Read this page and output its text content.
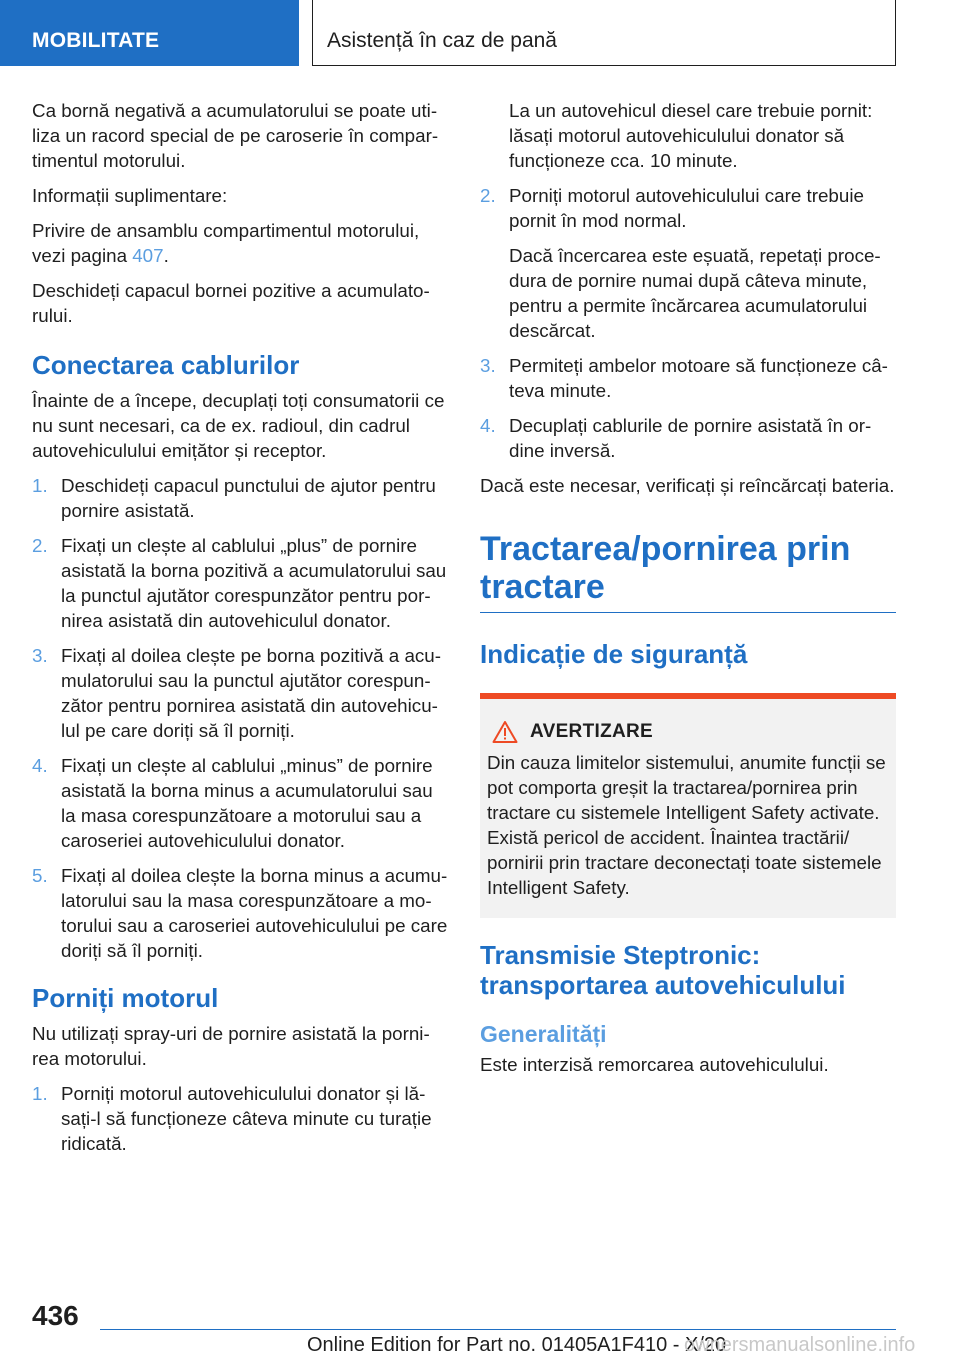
MOBILITATE	Asistență în caz de pană

Ca bornă negativă a acumulatorului se poate uti-liza un racord special de pe caroserie în compar-timentul motorului.

Informații suplimentare:

Privire de ansamblu compartimentul motorului, vezi pagina 407.

Deschideți capacul bornei pozitive a acumulato-rului.

Conectarea cablurilor

Înainte de a începe, decuplați toți consumatorii ce nu sunt necesari, ca de ex. radioul, din cadrul autovehiculului emițător și receptor.

1. Deschideți capacul punctului de ajutor pentru pornire asistată.
2. Fixați un clește al cablului „plus” de pornire asistată la borna pozitivă a acumulatorului sau la punctul ajutător corespunzător pentru por-nirea asistată din autovehiculul donator.
3. Fixați al doilea clește pe borna pozitivă a acu-mulatorului sau la punctul ajutător corespun-zător pentru pornirea asistată din autovehicu-lul pe care doriți să îl porniți.
4. Fixați un clește al cablului „minus” de pornire asistată la borna minus a acumulatorului sau la masa corespunzătoare a motorului sau a caroseriei autovehiculului donator.
5. Fixați al doilea clește la borna minus a acumu-latorului sau la masa corespunzătoare a mo-torului sau a caroseriei autovehiculului pe care doriți să îl porniți.
Porniți motorul

Nu utilizați spray-uri de pornire asistată la porni-rea motorului.

1. Porniți motorul autovehiculului donator și lă-sați-l să funcționeze câteva minute cu turație ridicată.

La un autovehicul diesel care trebuie pornit: lăsați motorul autovehiculului donator să funcționeze cca. 10 minute.

2. Porniți motorul autovehiculului care trebuie pornit în mod normal.
Dacă încercarea este eșuată, repetați proce-dura de pornire numai după câteva minute, pentru a permite încărcarea acumulatorului descărcat.
3. Permiteți ambelor motoare să funcționeze câ-teva minute.
4. Decuplați cablurile de pornire asistată în or-dine inversă.

Dacă este necesar, verificați și reîncărcați bateria.

Tractarea/pornirea prin tractare
Indicație de siguranță
AVERTIZARE
Din cauza limitelor sistemului, anumite funcții se pot comporta greșit la tractarea/pornirea prin tractare cu sistemele Intelligent Safety activate. Există pericol de accident. Înaintea tractării/ pornirii prin tractare deconectați toate sistemele Intelligent Safety.
Transmisie Steptronic: transportarea autovehiculului
Generalități

Este interzisă remorcarea autovehiculului.

436
Online Edition for Part no. 01405A1F410 - X/20
ownersmanualsonline.info
